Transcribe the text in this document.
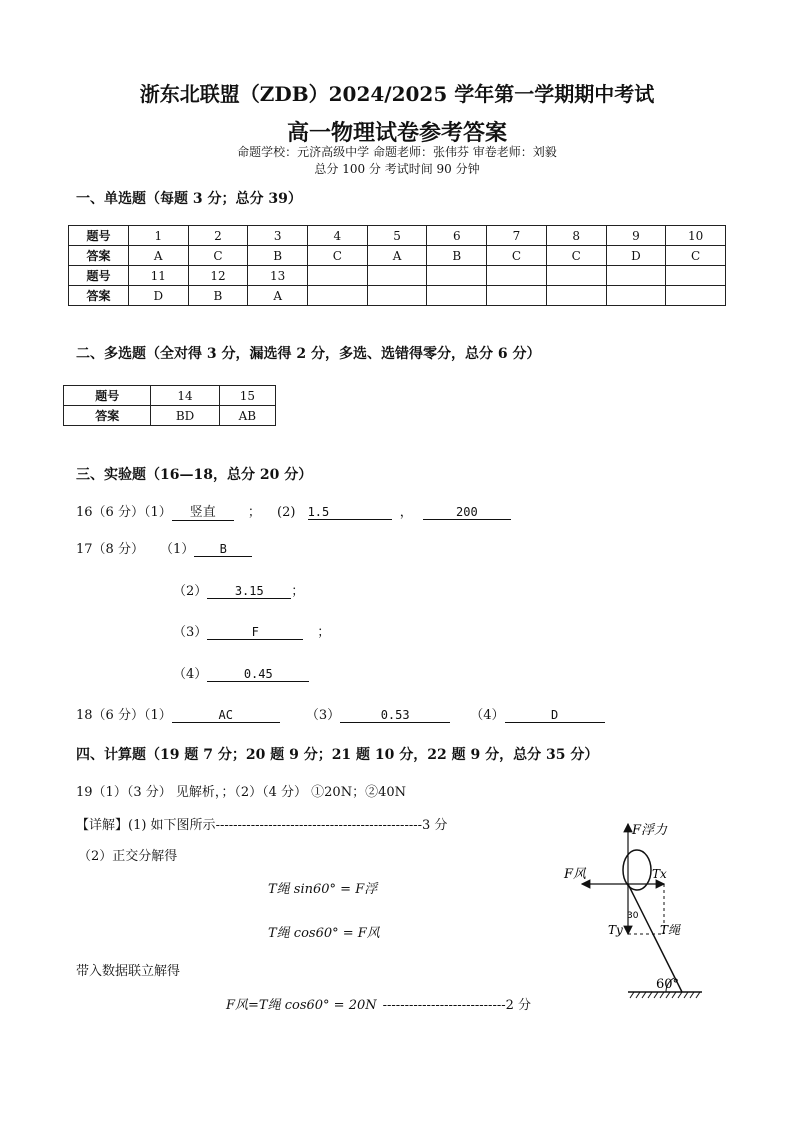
浙东北联盟（ZDB）2024/2025 学年第一学期期中考试
高一物理试卷参考答案
命题学校：元济高级中学 命题老师：张伟芬 审卷老师：刘毅
总分 100 分 考试时间 90 分钟
一、单选题（每题 3 分；总分 39）
题号	1	2	3	4	5	6	7	8	9	10
答案	A	C	B	C	A	B	C	C	D	C
题号	11	12	13							
答案	D	B	A							
二、多选题（全对得 3 分，漏选得 2 分，多选、选错得零分，总分 6 分）
题号	14	15
答案	BD	AB
三、实验题（16—18，总分 20 分）
16（6 分）（1） 竖直 ； (2) 1.5	，	200
17（8 分） （1） B
（2） 3.15 ；
（3）	F	；
（4）	0.45
18（6 分）（1）	AC	（3）	0.53	（4）	D
四、计算题（19 题 7 分；20 题 9 分；21 题 10 分，22 题 9 分，总分 35 分）
19（1）（3 分） 见解析，；（2）（4 分） ①20N；②40N
【详解】(1) 如下图所示-----------------------------------------------3 分
（2）正交分解得
T绳 sin60° = F浮
T绳 cos60° = F风
带入数据联立解得
F风=T绳 cos60° = 20N ----------------------------2 分
F浮力
F风	Tx
Ty	T绳
30
60°
